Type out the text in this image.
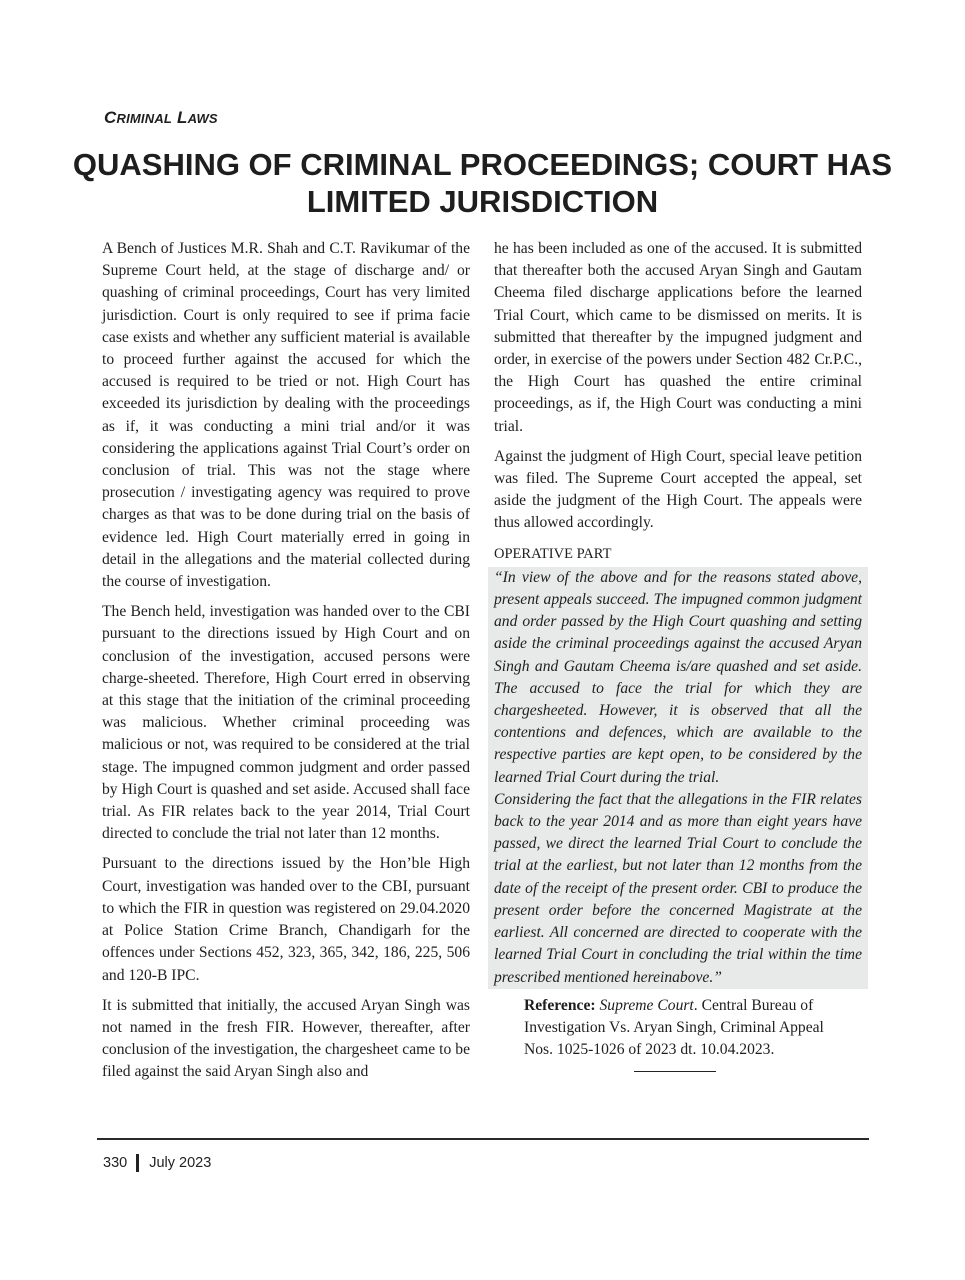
CRIMINAL LAWS
QUASHING OF CRIMINAL PROCEEDINGS; COURT HAS LIMITED JURISDICTION

A Bench of Justices M.R. Shah and C.T. Ravikumar of the Supreme Court held, at the stage of discharge and/ or quashing of criminal proceedings, Court has very limited jurisdiction. Court is only required to see if prima facie case exists and whether any sufficient material is available to proceed further against the accused for which the accused is required to be tried or not. High Court has exceeded its jurisdiction by dealing with the proceedings as if, it was conducting a mini trial and/or it was considering the applications against Trial Court’s order on conclusion of trial. This was not the stage where prosecution / investigating agency was required to prove charges as that was to be done during trial on the basis of evidence led. High Court materially erred in going in detail in the allegations and the material collected during the course of investigation.

The Bench held, investigation was handed over to the CBI pursuant to the directions issued by High Court and on conclusion of the investigation, accused persons were charge-sheeted. Therefore, High Court erred in observing at this stage that the initiation of the criminal proceeding was malicious. Whether criminal proceeding was malicious or not, was required to be considered at the trial stage. The impugned common judgment and order passed by High Court is quashed and set aside. Accused shall face trial. As FIR relates back to the year 2014, Trial Court directed to conclude the trial not later than 12 months.

Pursuant to the directions issued by the Hon’ble High Court, investigation was handed over to the CBI, pursuant to which the FIR in question was registered on 29.04.2020 at Police Station Crime Branch, Chandigarh for the offences under Sections 452, 323, 365, 342, 186, 225, 506 and 120-B IPC.

It is submitted that initially, the accused Aryan Singh was not named in the fresh FIR. However, thereafter, after conclusion of the investigation, the chargesheet came to be filed against the said Aryan Singh also and

he has been included as one of the accused. It is submitted that thereafter both the accused Aryan Singh and Gautam Cheema filed discharge applications before the learned Trial Court, which came to be dismissed on merits. It is submitted that thereafter by the impugned judgment and order, in exercise of the powers under Section 482 Cr.P.C., the High Court has quashed the entire criminal proceedings, as if, the High Court was conducting a mini trial.

Against the judgment of High Court, special leave petition was filed. The Supreme Court accepted the appeal, set aside the judgment of the High Court. The appeals were thus allowed accordingly.

OPERATIVE PART

“In view of the above and for the reasons stated above, present appeals succeed. The impugned common judgment and order passed by the High Court quashing and setting aside the criminal proceedings against the accused Aryan Singh and Gautam Cheema is/are quashed and set aside. The accused to face the trial for which they are chargesheeted. However, it is observed that all the contentions and defences, which are available to the respective parties are kept open, to be considered by the learned Trial Court during the trial.

Considering the fact that the allegations in the FIR relates back to the year 2014 and as more than eight years have passed, we direct the learned Trial Court to conclude the trial at the earliest, but not later than 12 months from the date of the receipt of the present order. CBI to produce the present order before the concerned Magistrate at the earliest. All concerned are directed to cooperate with the learned Trial Court in concluding the trial within the time prescribed mentioned hereinabove.”

Reference: Supreme Court. Central Bureau of Investigation Vs. Aryan Singh, Criminal Appeal Nos. 1025-1026 of 2023 dt. 10.04.2023.

330 July 2023
